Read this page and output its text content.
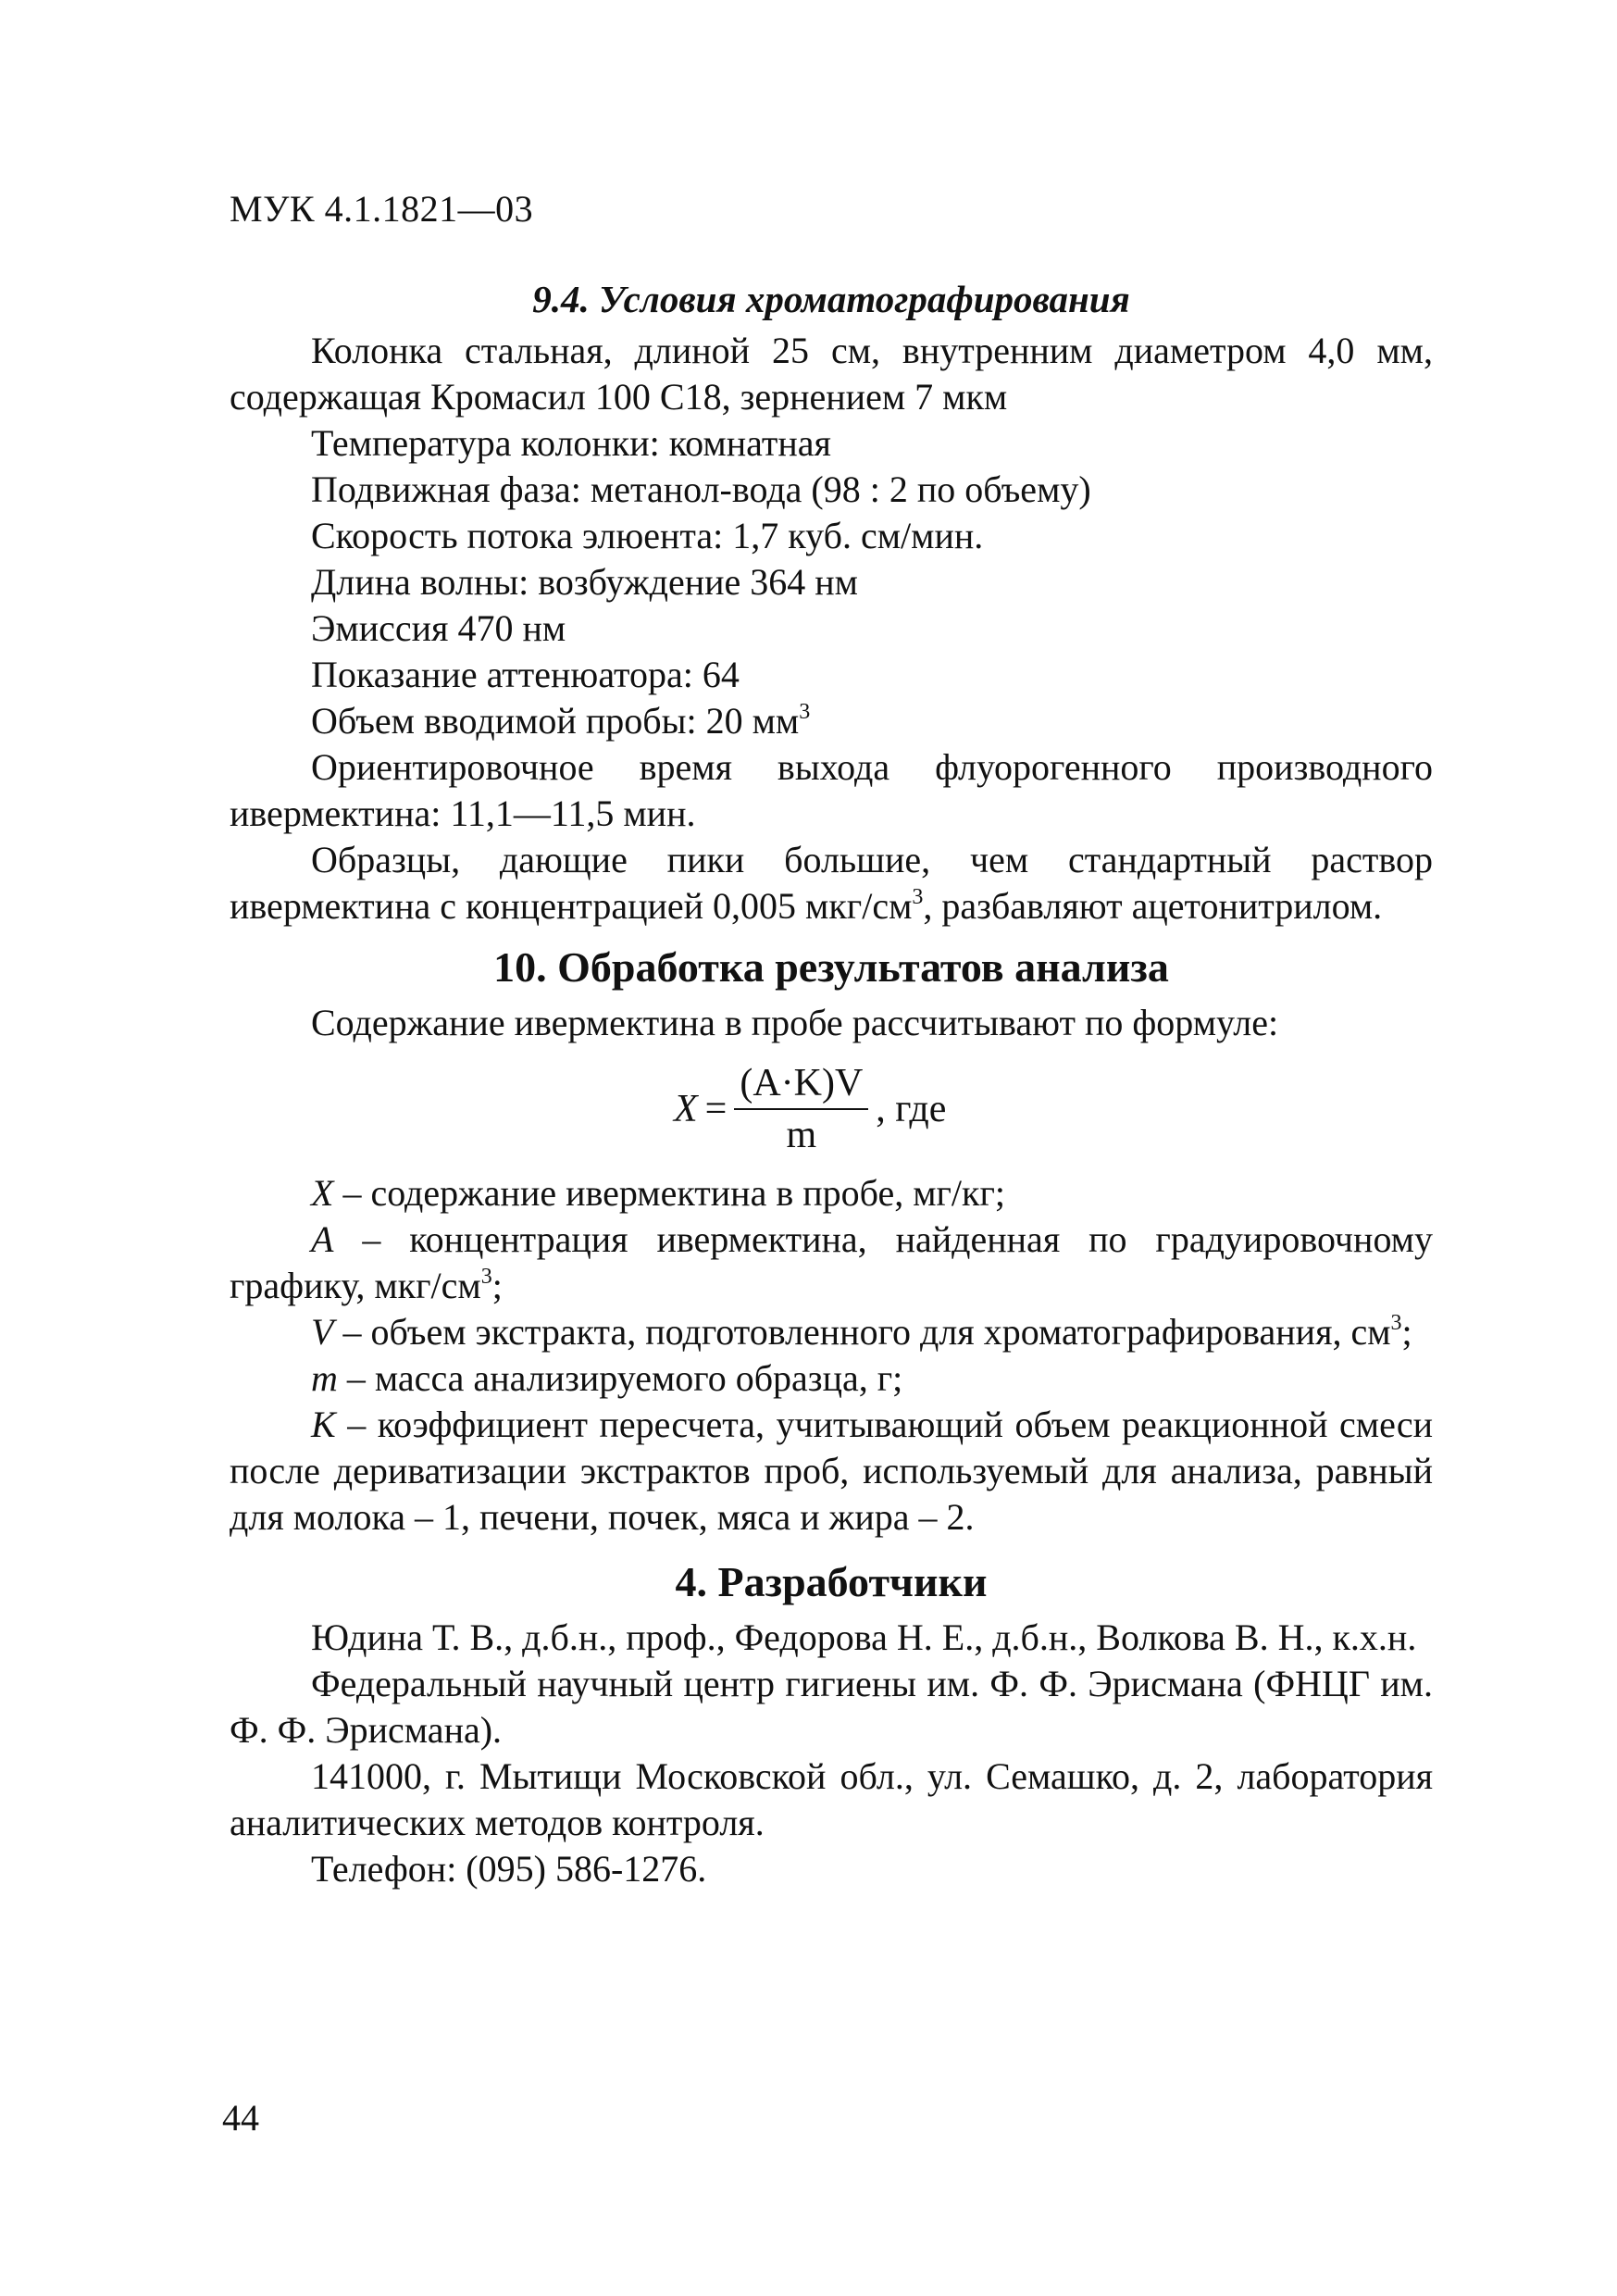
МУК 4.1.1821—03

9.4. Условия хроматографирования

Колонка стальная, длиной 25 см, внутренним диаметром 4,0 мм, содержащая Кромасил 100 С18, зернением 7 мкм

Температура колонки: комнатная

Подвижная фаза: метанол-вода (98 : 2 по объему)

Скорость потока элюента: 1,7 куб. см/мин.

Длина волны: возбуждение 364 нм

Эмиссия 470 нм

Показание аттенюатора: 64

Объем вводимой пробы: 20 $мм^3$

Ориентировочное время выхода флуорогенного производного ивермектина: 11,1—11,5 мин.

Образцы, дающие пики большие, чем стандартный раствор ивермектина с концентрацией 0,005 мкг/$см^3$, разбавляют ацетонитрилом.

10. Обработка результатов анализа

Содержание ивермектина в пробе рассчитывают по формуле:

$X = \frac{(A\cdot K)V}{m}$ , где

X – содержание ивермектина в пробе, мг/кг;

A – концентрация ивермектина, найденная по градуировочному графику, мкг/$см^3$;

V – объем экстракта, подготовленного для хроматографирования, $см^3$;

m – масса анализируемого образца, г;

K – коэффициент пересчета, учитывающий объем реакционной смеси после дериватизации экстрактов проб, используемый для анализа, равный для молока – 1, печени, почек, мяса и жира – 2.

4. Разработчики

Юдина Т. В., д.б.н., проф., Федорова Н. Е., д.б.н., Волкова В. Н., к.х.н.

Федеральный научный центр гигиены им. Ф. Ф. Эрисмана (ФНЦГ им. Ф. Ф. Эрисмана).

141000, г. Мытищи Московской обл., ул. Семашко, д. 2, лаборатория аналитических методов контроля.

Телефон: (095) 586-1276.

44
